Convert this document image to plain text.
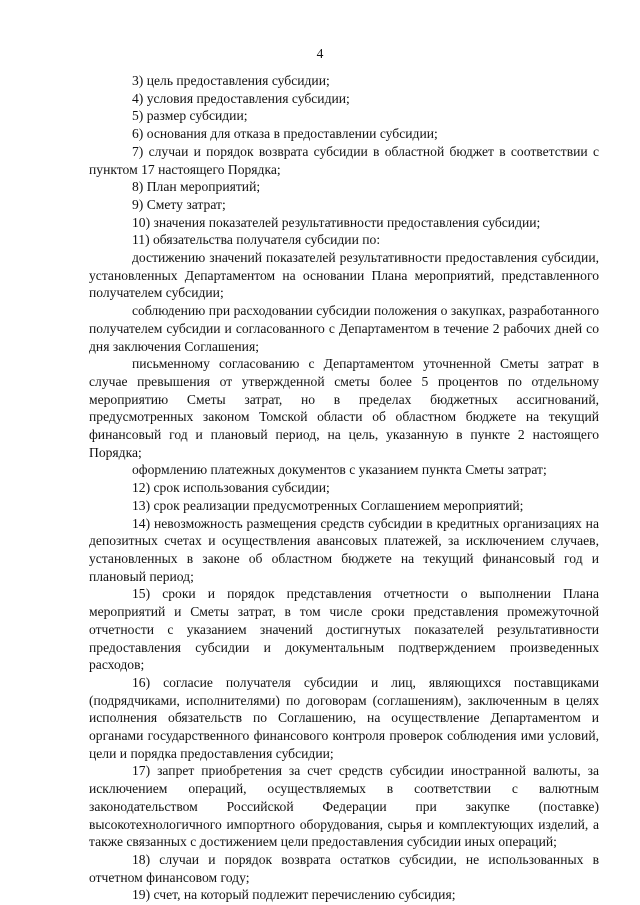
4

3) цель предоставления субсидии;

4) условия предоставления субсидии;

5) размер субсидии;

6) основания для отказа в предоставлении субсидии;

7) случаи и порядок возврата субсидии в областной бюджет в соответствии с пунктом 17 настоящего Порядка;

8) План мероприятий;

9) Смету затрат;

10) значения показателей результативности предоставления субсидии;

11) обязательства получателя субсидии по:

достижению значений показателей результативности предоставления субсидии, установленных Департаментом на основании Плана мероприятий, представленного получателем субсидии;

соблюдению при расходовании субсидии положения о закупках, разработанного получателем субсидии и согласованного с Департаментом в течение 2 рабочих дней со дня заключения Соглашения;

письменному согласованию с Департаментом уточненной Сметы затрат в случае превышения от утвержденной сметы более 5 процентов по отдельному мероприятию Сметы затрат, но в пределах бюджетных ассигнований, предусмотренных законом Томской области об областном бюджете на текущий финансовый год и плановый период, на цель, указанную в пункте 2 настоящего Порядка;

оформлению платежных документов с указанием пункта Сметы затрат;

12) срок использования субсидии;

13) срок реализации предусмотренных Соглашением мероприятий;

14) невозможность размещения средств субсидии в кредитных организациях на депозитных счетах и осуществления авансовых платежей, за исключением случаев, установленных в законе об областном бюджете на текущий финансовый год и плановый период;

15) сроки и порядок представления отчетности о выполнении Плана мероприятий и Сметы затрат, в том числе сроки представления промежуточной отчетности с указанием значений достигнутых показателей результативности предоставления субсидии и документальным подтверждением произведенных расходов;

16) согласие получателя субсидии и лиц, являющихся поставщиками (подрядчиками, исполнителями) по договорам (соглашениям), заключенным в целях исполнения обязательств по Соглашению, на осуществление Департаментом и органами государственного финансового контроля проверок соблюдения ими условий, цели и порядка предоставления субсидии;

17) запрет приобретения за счет средств субсидии иностранной валюты, за исключением операций, осуществляемых в соответствии с валютным законодательством Российской Федерации при закупке (поставке) высокотехнологичного импортного оборудования, сырья и комплектующих изделий, а также связанных с достижением цели предоставления субсидии иных операций;

18) случаи и порядок возврата остатков субсидии, не использованных в отчетном финансовом году;

19) счет, на который подлежит перечислению субсидия;
